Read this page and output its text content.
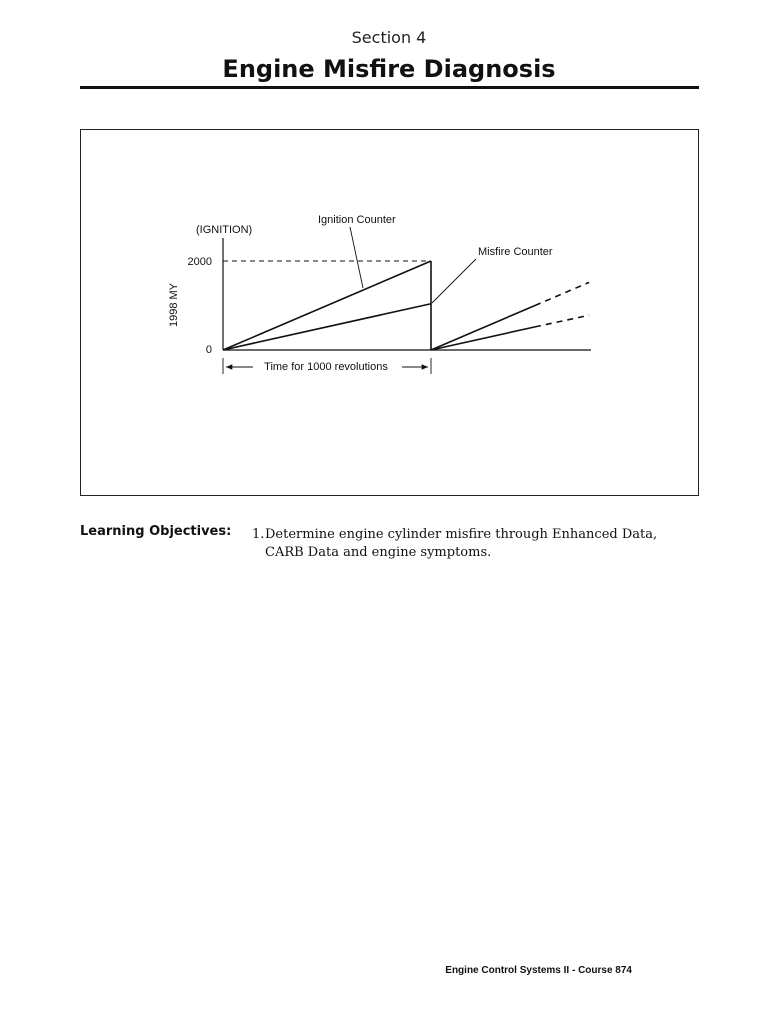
Section 4
Engine Misfire Diagnosis
2000
0
(IGNITION)
1998 MY
Ignition Counter
Misfire Counter
Time for 1000 revolutions
Learning Objectives: 1. Determine engine cylinder misfire through Enhanced Data, CARB Data and engine symptoms.
Engine Control Systems II - Course 874
